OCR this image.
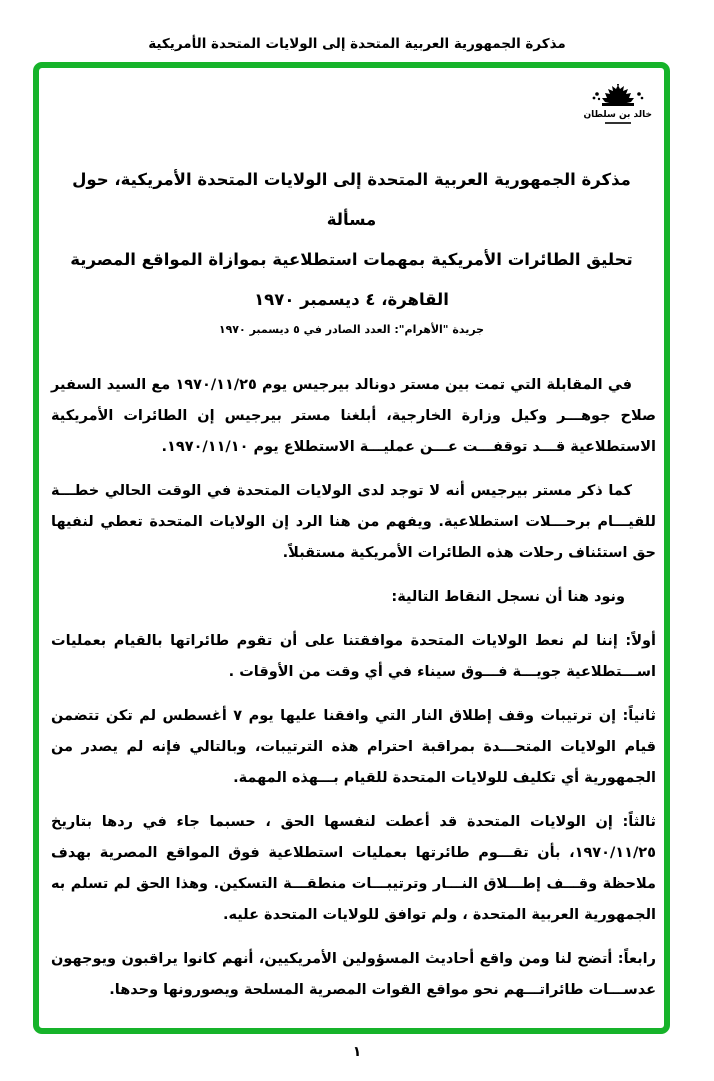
مذكرة الجمهورية العربية المتحدة إلى الولايات المتحدة الأمريكية
خالد بن سلطان
مذكرة الجمهورية العربية المتحدة إلى الولايات المتحدة الأمريكية، حول مسألة
تحليق الطائرات الأمريكية بمهمات استطلاعية بموازاة المواقع المصرية
القاهرة، ٤ ديسمبر ١٩٧٠
جريدة "الأهرام": العدد الصادر في ٥ ديسمبر ١٩٧٠

في المقابلة التي تمت بين مستر دونالد بيرجيس يوم ١٩٧٠/١١/٢٥ مع السيد السفير صلاح جوهـــر وكيل وزارة الخارجية، أبلغنا مستر بيرجيس إن الطائرات الأمريكية الاستطلاعية قـــد توقفـــت عـــن عمليـــة الاستطلاع يوم ١٩٧٠/١١/١٠.

كما ذكر مستر بيرجيس أنه لا توجد لدى الولايات المتحدة في الوقت الحالي خطـــة للقيـــام برحـــلات استطلاعية. ويفهم من هنا الرد إن الولايات المتحدة تعطي لنفيها حق استئناف رحلات هذه الطائرات الأمريكية مستقبلاً.

ونود هنا أن نسجل النقاط التالية:

أولاً: إننا لم نعط الولايات المتحدة موافقتنا على أن تقوم طائراتها بالقيام بعمليات اســـتطلاعية جويـــة فـــوق سيناء في أي وقت من الأوقات .

ثانياً: إن ترتيبات وقف إطلاق النار التي وافقنا عليها يوم ٧ أغسطس لم تكن تتضمن قيام الولايات المتحـــدة بمراقبة احترام هذه الترتيبات، وبالتالي فإنه لم يصدر من الجمهورية أي تكليف للولايات المتحدة للقيام بـــهذه المهمة.

ثالثاً: إن الولايات المتحدة قد أعطت لنفسها الحق ، حسبما جاء في ردها بتاريخ ١٩٧٠/١١/٢٥، بأن تقـــوم طائرتها بعمليات استطلاعية فوق المواقع المصرية بهدف ملاحظة وقـــف إطـــلاق النـــار وترتيبـــات منطقـــة التسكين. وهذا الحق لم تسلم به الجمهورية العربية المتحدة ، ولم توافق للولايات المتحدة عليه.

رابعاً: أتضح لنا ومن واقع أحاديث المسؤولين الأمريكيين، أنهم كانوا يراقبون ويوجهون عدســـات طائراتـــهم نحو مواقع القوات المصرية المسلحة ويصورونها وحدها.

١
